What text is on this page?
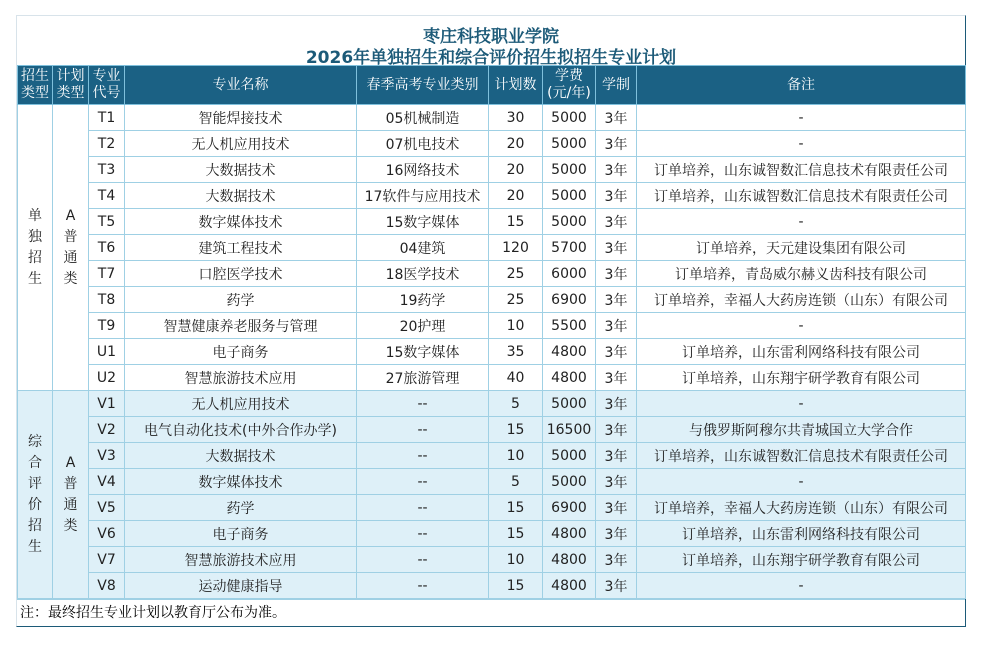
枣庄科技职业学院
2026年单独招生和综合评价招生拟招生专业计划
招生类型	计划类型	专业代号	专业名称	春季高考专业类别	计划数	学费(元/年)	学制	备注
单独招生	A普通类	T1	智能焊接技术	05机械制造	30	5000	3年	-
		T2	无人机应用技术	07机电技术	20	5000	3年	-
		T3	大数据技术	16网络技术	20	5000	3年	订单培养，山东诚智数汇信息技术有限责任公司
		T4	大数据技术	17软件与应用技术	20	5000	3年	订单培养，山东诚智数汇信息技术有限责任公司
		T5	数字媒体技术	15数字媒体	15	5000	3年	-
		T6	建筑工程技术	04建筑	120	5700	3年	订单培养，天元建设集团有限公司
		T7	口腔医学技术	18医学技术	25	6000	3年	订单培养，青岛威尔赫义齿科技有限公司
		T8	药学	19药学	25	6900	3年	订单培养，幸福人大药房连锁（山东）有限公司
		T9	智慧健康养老服务与管理	20护理	10	5500	3年	-
		U1	电子商务	15数字媒体	35	4800	3年	订单培养，山东雷利网络科技有限公司
		U2	智慧旅游技术应用	27旅游管理	40	4800	3年	订单培养，山东翔宇研学教育有限公司
综合评价招生	A普通类	V1	无人机应用技术	--	5	5000	3年	-
		V2	电气自动化技术(中外合作办学)	--	15	16500	3年	与俄罗斯阿穆尔共青城国立大学合作
		V3	大数据技术	--	10	5000	3年	订单培养，山东诚智数汇信息技术有限责任公司
		V4	数字媒体技术	--	5	5000	3年	-
		V5	药学	--	15	6900	3年	订单培养，幸福人大药房连锁（山东）有限公司
		V6	电子商务	--	15	4800	3年	订单培养，山东雷利网络科技有限公司
		V7	智慧旅游技术应用	--	10	4800	3年	订单培养，山东翔宇研学教育有限公司
		V8	运动健康指导	--	15	4800	3年	-
注：最终招生专业计划以教育厅公布为准。
